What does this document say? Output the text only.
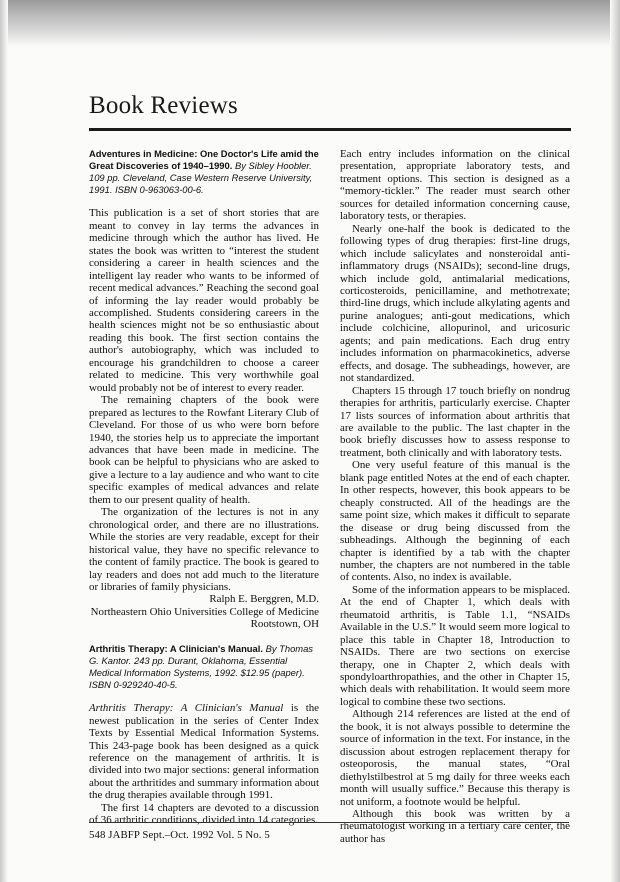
Book Reviews

Adventures in Medicine: One Doctor's Life amid the Great Discoveries of 1940–1990. By Sibley Hoobler. 109 pp. Cleveland, Case Western Reserve University, 1991. ISBN 0-963063-00-6.

This publication is a set of short stories that are meant to convey in lay terms the advances in medicine through which the author has lived. He states the book was written to “interest the student considering a career in health sciences and the intelligent lay reader who wants to be informed of recent medical advances.” Reaching the second goal of informing the lay reader would probably be accomplished. Students considering careers in the health sciences might not be so enthusiastic about reading this book. The first section contains the author's autobiography, which was included to encourage his grandchildren to choose a career related to medicine. This very worthwhile goal would probably not be of interest to every reader.

The remaining chapters of the book were prepared as lectures to the Rowfant Literary Club of Cleveland. For those of us who were born before 1940, the stories help us to appreciate the important advances that have been made in medicine. The book can be helpful to physicians who are asked to give a lecture to a lay audience and who want to cite specific examples of medical advances and relate them to our present quality of health.

The organization of the lectures is not in any chronological order, and there are no illustrations. While the stories are very readable, except for their historical value, they have no specific relevance to the content of family practice. The book is geared to lay readers and does not add much to the literature or libraries of family physicians.

Ralph E. Berggren, M.D.
Northeastern Ohio Universities College of Medicine
Rootstown, OH

Arthritis Therapy: A Clinician's Manual. By Thomas G. Kantor. 243 pp. Durant, Oklahoma, Essential Medical Information Systems, 1992. $12.95 (paper). ISBN 0-929240-40-5.

Arthritis Therapy: A Clinician's Manual is the newest publication in the series of Center Index Texts by Essential Medical Information Systems. This 243-page book has been designed as a quick reference on the management of arthritis. It is divided into two major sections: general information about the arthritides and summary information about the drug therapies available through 1991.

The first 14 chapters are devoted to a discussion of 36 arthritic conditions, divided into 14 categories.

Each entry includes information on the clinical presentation, appropriate laboratory tests, and treatment options. This section is designed as a “memory-tickler.” The reader must search other sources for detailed information concerning cause, laboratory tests, or therapies.

Nearly one-half the book is dedicated to the following types of drug therapies: first-line drugs, which include salicylates and nonsteroidal anti-inflammatory drugs (NSAIDs); second-line drugs, which include gold, antimalarial medications, corticosteroids, penicillamine, and methotrexate; third-line drugs, which include alkylating agents and purine analogues; anti-gout medications, which include colchicine, allopurinol, and uricosuric agents; and pain medications. Each drug entry includes information on pharmacokinetics, adverse effects, and dosage. The subheadings, however, are not standardized.

Chapters 15 through 17 touch briefly on nondrug therapies for arthritis, particularly exercise. Chapter 17 lists sources of information about arthritis that are available to the public. The last chapter in the book briefly discusses how to assess response to treatment, both clinically and with laboratory tests.

One very useful feature of this manual is the blank page entitled Notes at the end of each chapter. In other respects, however, this book appears to be cheaply constructed. All of the headings are the same point size, which makes it difficult to separate the disease or drug being discussed from the subheadings. Although the beginning of each chapter is identified by a tab with the chapter number, the chapters are not numbered in the table of contents. Also, no index is available.

Some of the information appears to be misplaced. At the end of Chapter 1, which deals with rheumatoid arthritis, is Table 1.1, “NSAIDs Available in the U.S.” It would seem more logical to place this table in Chapter 18, Introduction to NSAIDs. There are two sections on exercise therapy, one in Chapter 2, which deals with spondyloarthropathies, and the other in Chapter 15, which deals with rehabilitation. It would seem more logical to combine these two sections.

Although 214 references are listed at the end of the book, it is not always possible to determine the source of information in the text. For instance, in the discussion about estrogen replacement therapy for osteoporosis, the manual states, “Oral diethylstilbestrol at 5 mg daily for three weeks each month will usually suffice.” Because this therapy is not uniform, a footnote would be helpful.

Although this book was written by a rheumatologist working in a tertiary care center, the author has

548 JABFP Sept.–Oct. 1992 Vol. 5 No. 5
